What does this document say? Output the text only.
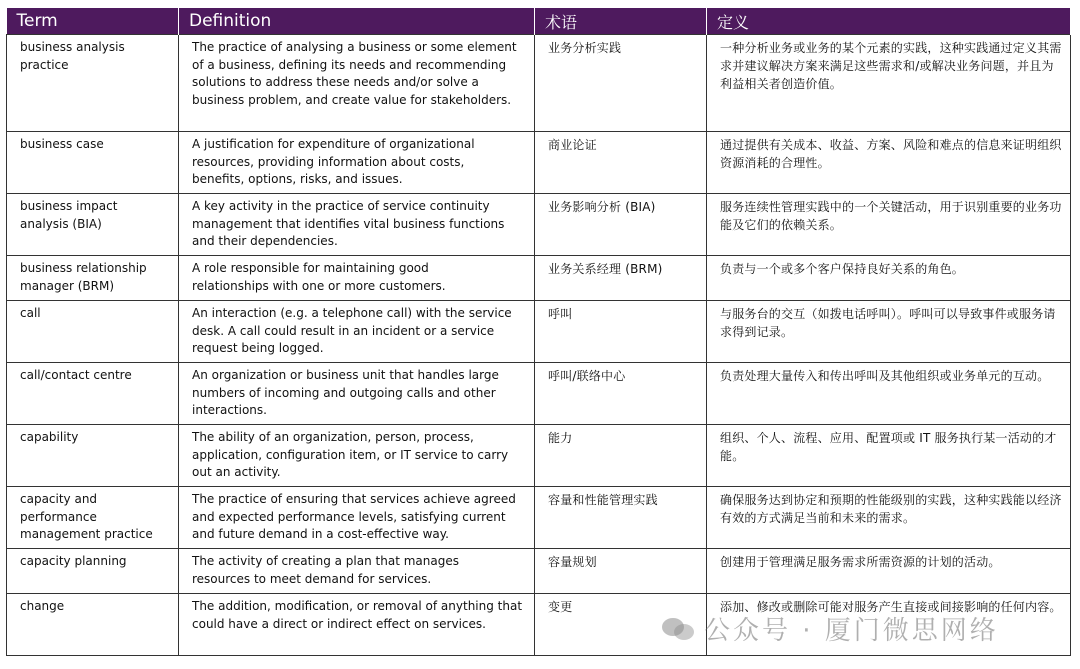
Term	Definition	术语	定义
business analysis practice	The practice of analysing a business or some element of a business, defining its needs and recommending solutions to address these needs and/or solve a business problem, and create value for stakeholders.	业务分析实践	一种分析业务或业务的某个元素的实践，这种实践通过定义其需求并建议解决方案来满足这些需求和/或解决业务问题，并且为利益相关者创造价值。
business case	A justification for expenditure of organizational resources, providing information about costs, benefits, options, risks, and issues.	商业论证	通过提供有关成本、收益、方案、风险和难点的信息来证明组织资源消耗的合理性。
business impact analysis (BIA)	A key activity in the practice of service continuity management that identifies vital business functions and their dependencies.	业务影响分析 (BIA)	服务连续性管理实践中的一个关键活动，用于识别重要的业务功能及它们的依赖关系。
business relationship manager (BRM)	A role responsible for maintaining good relationships with one or more customers.	业务关系经理 (BRM)	负责与一个或多个客户保持良好关系的角色。
call	An interaction (e.g. a telephone call) with the service desk. A call could result in an incident or a service request being logged.	呼叫	与服务台的交互（如拨电话呼叫）。呼叫可以导致事件或服务请求得到记录。
call/contact centre	An organization or business unit that handles large numbers of incoming and outgoing calls and other interactions.	呼叫/联络中心	负责处理大量传入和传出呼叫及其他组织或业务单元的互动。
capability	The ability of an organization, person, process, application, configuration item, or IT service to carry out an activity.	能力	组织、个人、流程、应用、配置项或 IT 服务执行某一活动的才能。
capacity and performance management practice	The practice of ensuring that services achieve agreed and expected performance levels, satisfying current and future demand in a cost-effective way.	容量和性能管理实践	确保服务达到协定和预期的性能级别的实践，这种实践能以经济有效的方式满足当前和未来的需求。
capacity planning	The activity of creating a plan that manages resources to meet demand for services.	容量规划	创建用于管理满足服务需求所需资源的计划的活动。
change	The addition, modification, or removal of anything that could have a direct or indirect effect on services.	变更	添加、修改或删除可能对服务产生直接或间接影响的任何内容。
公众号 · 厦门微思网络
